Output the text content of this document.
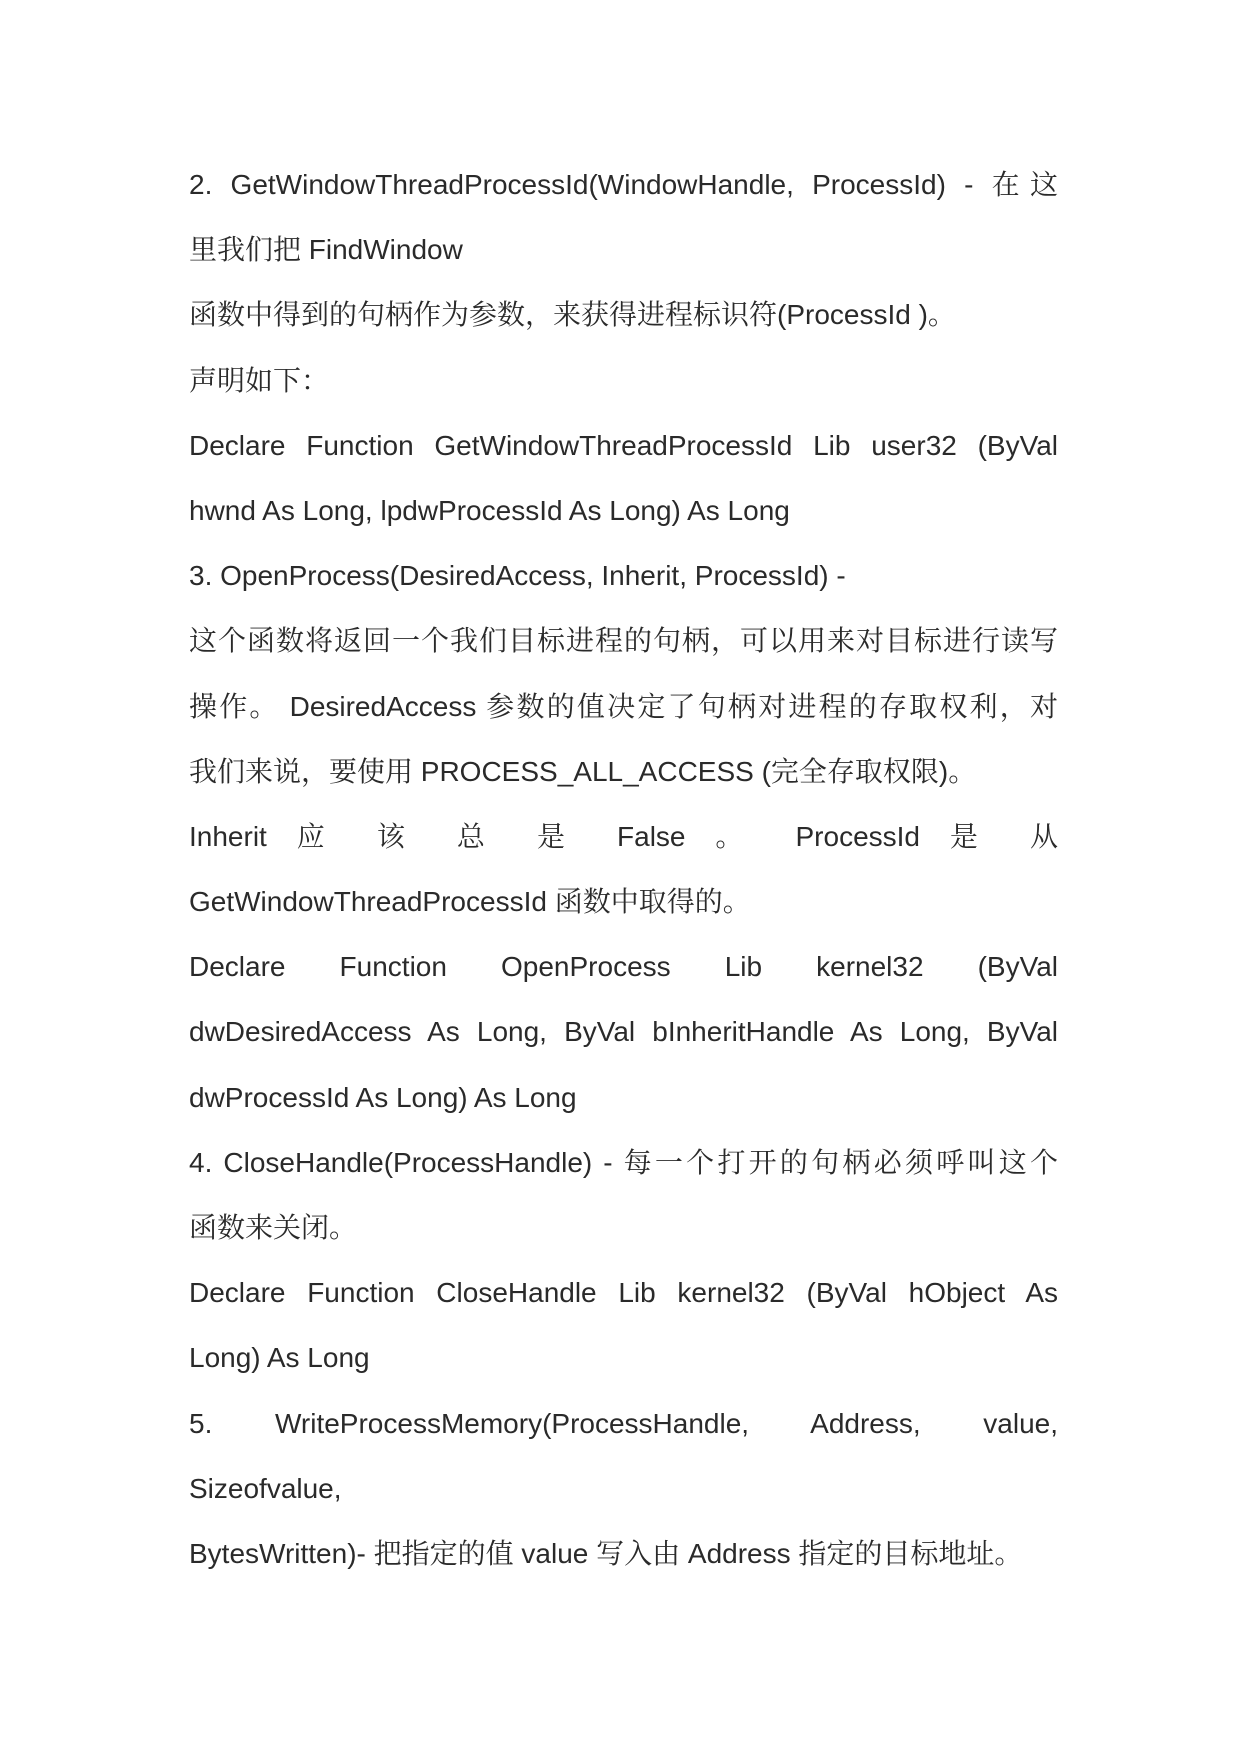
2. GetWindowThreadProcessId(WindowHandle, ProcessId) - 在这
里我们把 FindWindow
函数中得到的句柄作为参数，来获得进程标识符(ProcessId )。
声明如下：
Declare Function GetWindowThreadProcessId Lib user32 (ByVal
hwnd As Long, lpdwProcessId As Long) As Long
3. OpenProcess(DesiredAccess, Inherit, ProcessId) -
这个函数将返回一个我们目标进程的句柄，可以用来对目标进行读写
操作。 DesiredAccess 参数的值决定了句柄对进程的存取权利，对
我们来说，要使用 PROCESS_ALL_ACCESS (完全存取权限)。
Inherit 应 该 总 是 False 。 ProcessId 是 从
GetWindowThreadProcessId 函数中取得的。
Declare Function OpenProcess Lib kernel32 (ByVal
dwDesiredAccess As Long, ByVal bInheritHandle As Long, ByVal
dwProcessId As Long) As Long
4. CloseHandle(ProcessHandle) - 每一个打开的句柄必须呼叫这个
函数来关闭。
Declare Function CloseHandle Lib kernel32 (ByVal hObject As
Long) As Long
5. WriteProcessMemory(ProcessHandle, Address, value,
Sizeofvalue,
BytesWritten)- 把指定的值 value 写入由 Address 指定的目标地址。
